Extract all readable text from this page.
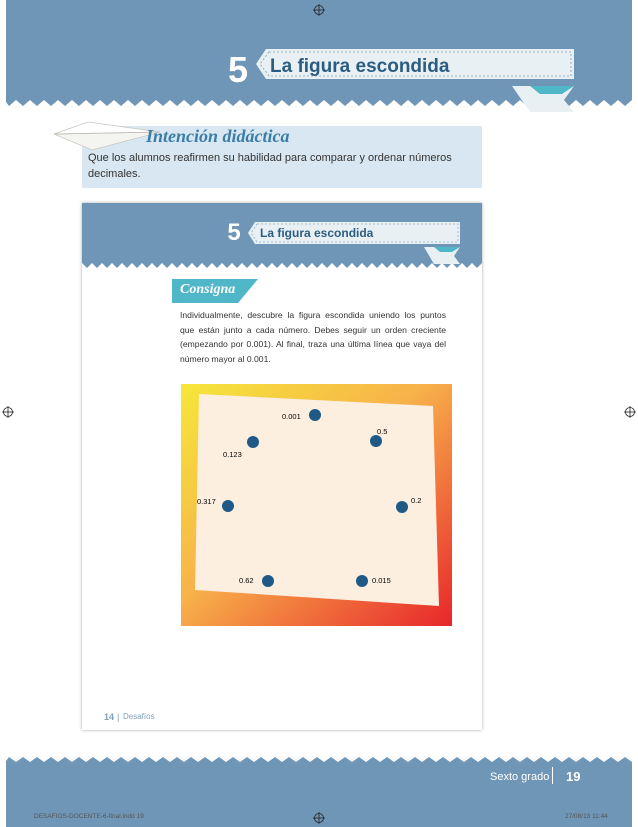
5	La figura escondida
Intención didáctica
Que los alumnos reafirmen su habilidad para comparar y ordenar números decimales.
5	La figura escondida
Consigna
Individualmente, descubre la figura escondida uniendo los puntos que están junto a cada número. Debes seguir un orden creciente (empezando por 0.001). Al final, traza una última línea que vaya del número mayor al 0.001.
0.001
0.5
0.123
0.317	0.2
0.62	0.015
14 | Desafíos
Sexto grado 19
DESAFIOS-DOCENTE-6-final.indd 19	27/08/13 11:44
